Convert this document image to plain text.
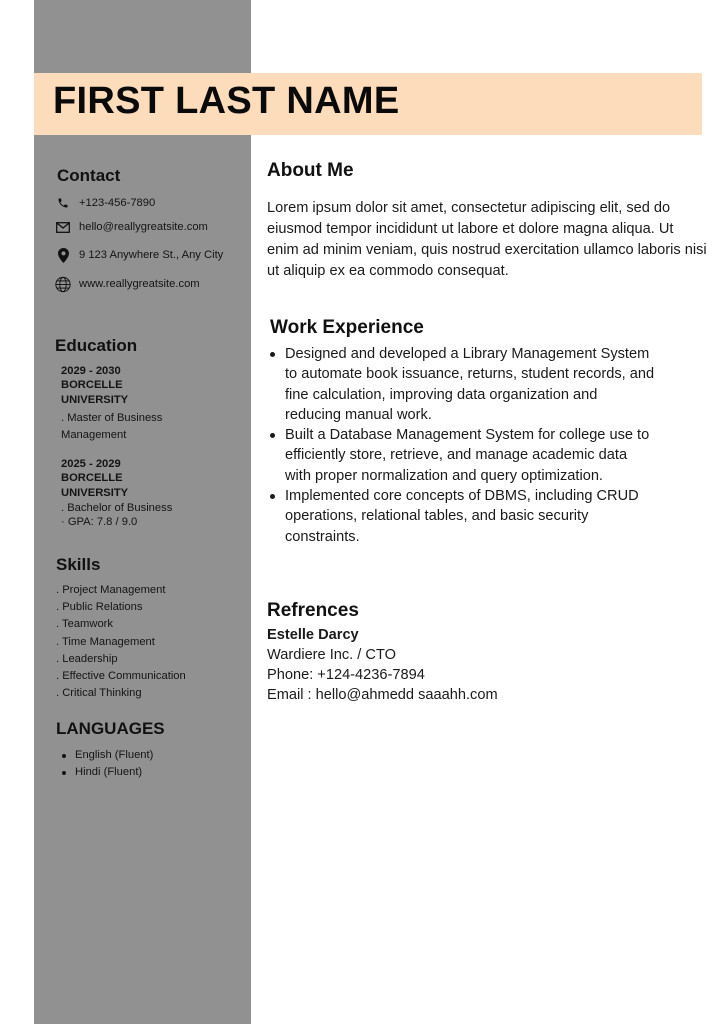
FIRST LAST NAME
Contact
+123-456-7890
hello@reallygreatsite.com
9 123 Anywhere St., Any City
www.reallygreatsite.com
Education
2029 - 2030
BORCELLE
UNIVERSITY
. Master of Business
Management
2025 - 2029
BORCELLE
UNIVERSITY
. Bachelor of Business
· GPA: 7.8 / 9.0
Skills
. Project Management
. Public Relations
. Teamwork
. Time Management
. Leadership
. Effective Communication
. Critical Thinking
LANGUAGES
English (Fluent)
Hindi (Fluent)
About Me
Lorem ipsum dolor sit amet, consectetur adipiscing elit, sed do eiusmod tempor incididunt ut labore et dolore magna aliqua. Ut enim ad minim veniam, quis nostrud exercitation ullamco laboris nisi ut aliquip ex ea commodo consequat.
Work Experience
Designed and developed a Library Management System to automate book issuance, returns, student records, and fine calculation, improving data organization and reducing manual work.
Built a Database Management System for college use to efficiently store, retrieve, and manage academic data with proper normalization and query optimization.
Implemented core concepts of DBMS, including CRUD operations, relational tables, and basic security constraints.
Refrences
Estelle Darcy
Wardiere Inc. / CTO
Phone: +124-4236-7894
Email : hello@ahmedd saaahh.com
